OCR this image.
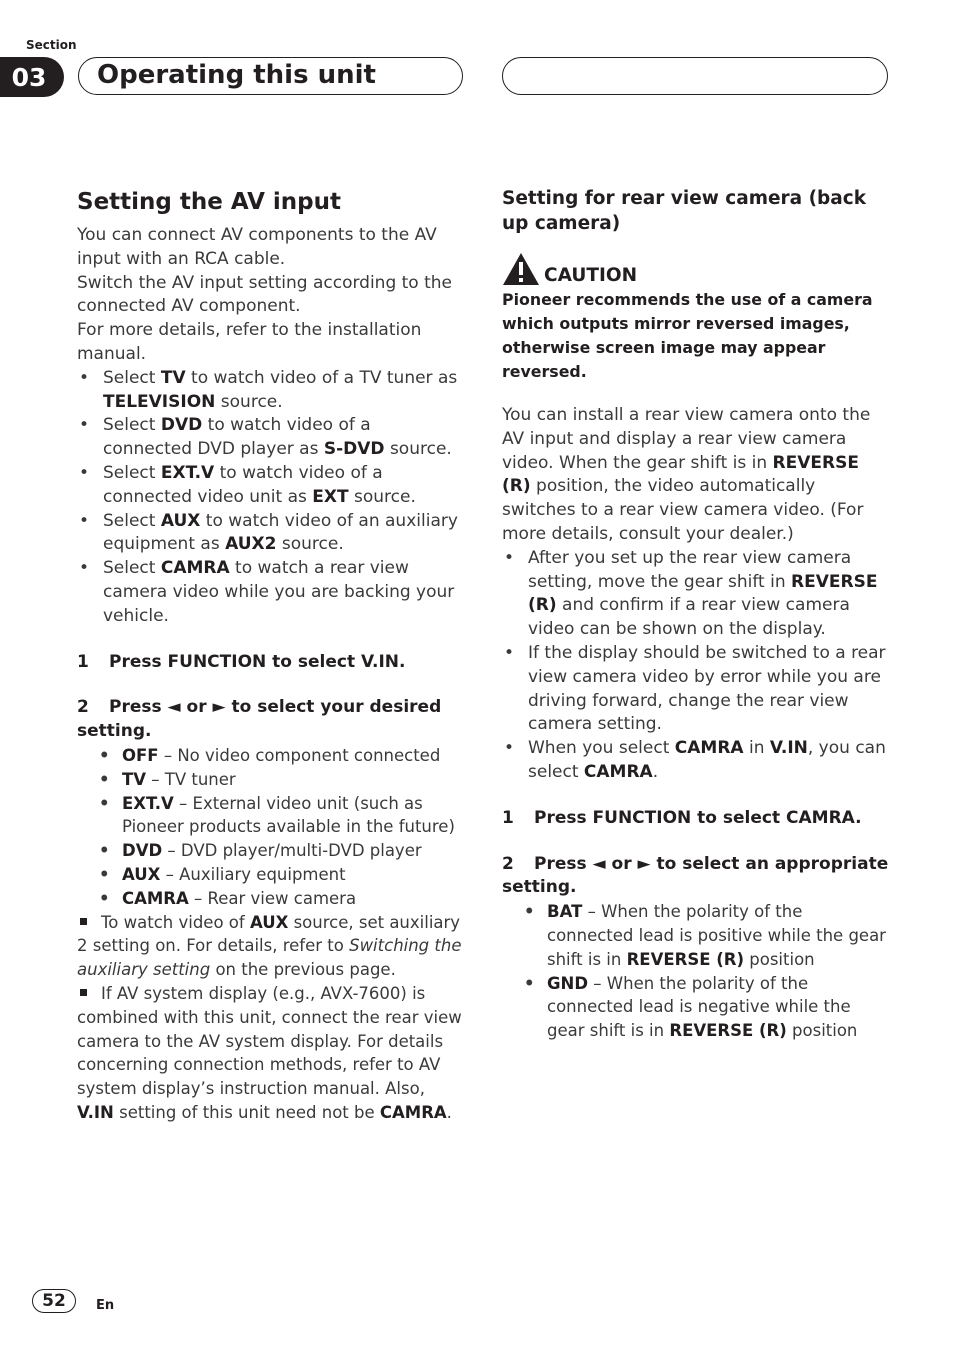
Section
03	Operating this unit
Setting the AV input

You can connect AV components to the AV input with an RCA cable.

Switch the AV input setting according to the connected AV component.

For more details, refer to the installation manual.

• Select TV to watch video of a TV tuner as TELEVISION source.
• Select DVD to watch video of a connected DVD player as S-DVD source.
• Select EXT.V to watch video of a connected video unit as EXT source.
• Select AUX to watch video of an auxiliary equipment as AUX2 source.
• Select CAMRA to watch a rear view camera video while you are backing your vehicle.

1 Press FUNCTION to select V.IN.

2 Press ◄ or ► to select your desired setting.

• OFF – No video component connected
• TV – TV tuner
• EXT.V – External video unit (such as Pioneer products available in the future)
• DVD – DVD player/multi-DVD player
• AUX – Auxiliary equipment
• CAMRA – Rear view camera

To watch video of AUX source, set auxiliary 2 setting on. For details, refer to Switching the auxiliary setting on the previous page.

If AV system display (e.g., AVX-7600) is combined with this unit, connect the rear view camera to the AV system display. For details concerning connection methods, refer to AV system display’s instruction manual. Also, V.IN setting of this unit need not be CAMRA.

Setting for rear view camera (back up camera)
CAUTION

Pioneer recommends the use of a camera which outputs mirror reversed images, otherwise screen image may appear reversed.

You can install a rear view camera onto the AV input and display a rear view camera video. When the gear shift is in REVERSE (R) position, the video automatically switches to a rear view camera video. (For more details, consult your dealer.)

• After you set up the rear view camera setting, move the gear shift in REVERSE (R) and confirm if a rear view camera video can be shown on the display.
• If the display should be switched to a rear view camera video by error while you are driving forward, change the rear view camera setting.
• When you select CAMRA in V.IN, you can select CAMRA.

1 Press FUNCTION to select CAMRA.

2 Press ◄ or ► to select an appropriate setting.

• BAT – When the polarity of the connected lead is positive while the gear shift is in REVERSE (R) position
• GND – When the polarity of the connected lead is negative while the gear shift is in REVERSE (R) position
52	En
